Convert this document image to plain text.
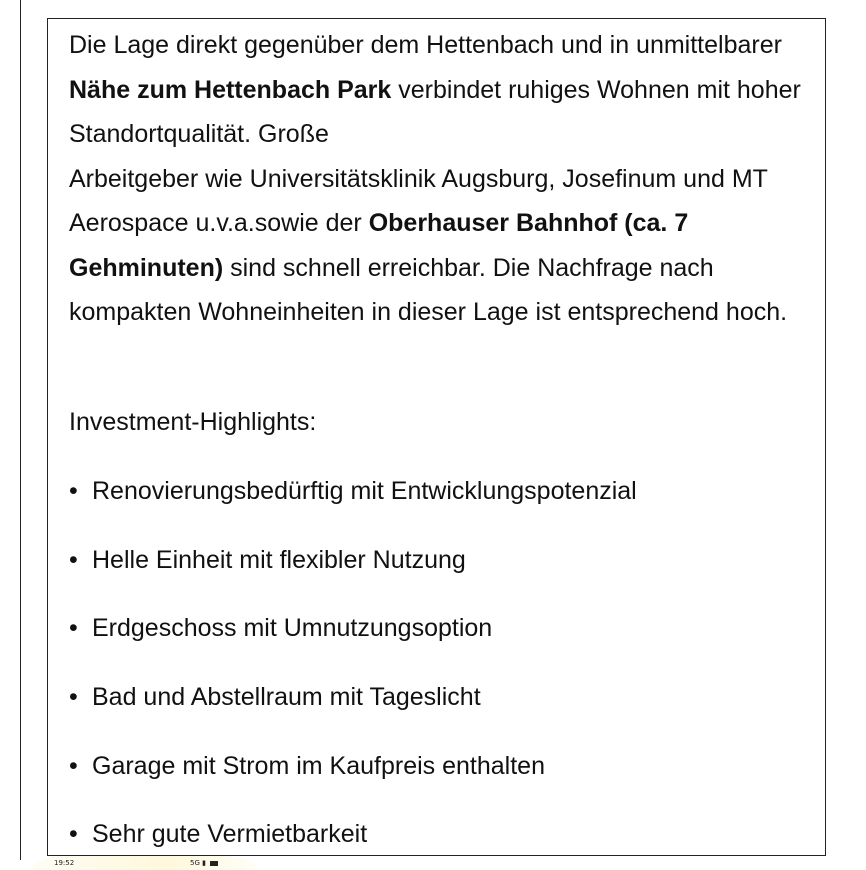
Die Lage direkt gegenüber dem Hettenbach und in unmittelbarer Nähe zum Hettenbach Park verbindet ruhiges Wohnen mit hoher Standortqualität. Große
Arbeitgeber wie Universitätsklinik Augsburg, Josefinum und MT Aerospace u.v.a.sowie der Oberhauser Bahnhof (ca. 7 Gehminuten) sind schnell erreichbar. Die Nachfrage nach kompakten Wohneinheiten in dieser Lage ist entsprechend hoch.

Investment-Highlights:

• Renovierungsbedürftig mit Entwicklungspotenzial
• Helle Einheit mit flexibler Nutzung
• Erdgeschoss mit Umnutzungsoption
• Bad und Abstellraum mit Tageslicht
• Garage mit Strom im Kaufpreis enthalten
• Sehr gute Vermietbarkeit
19:52	5G ▮
